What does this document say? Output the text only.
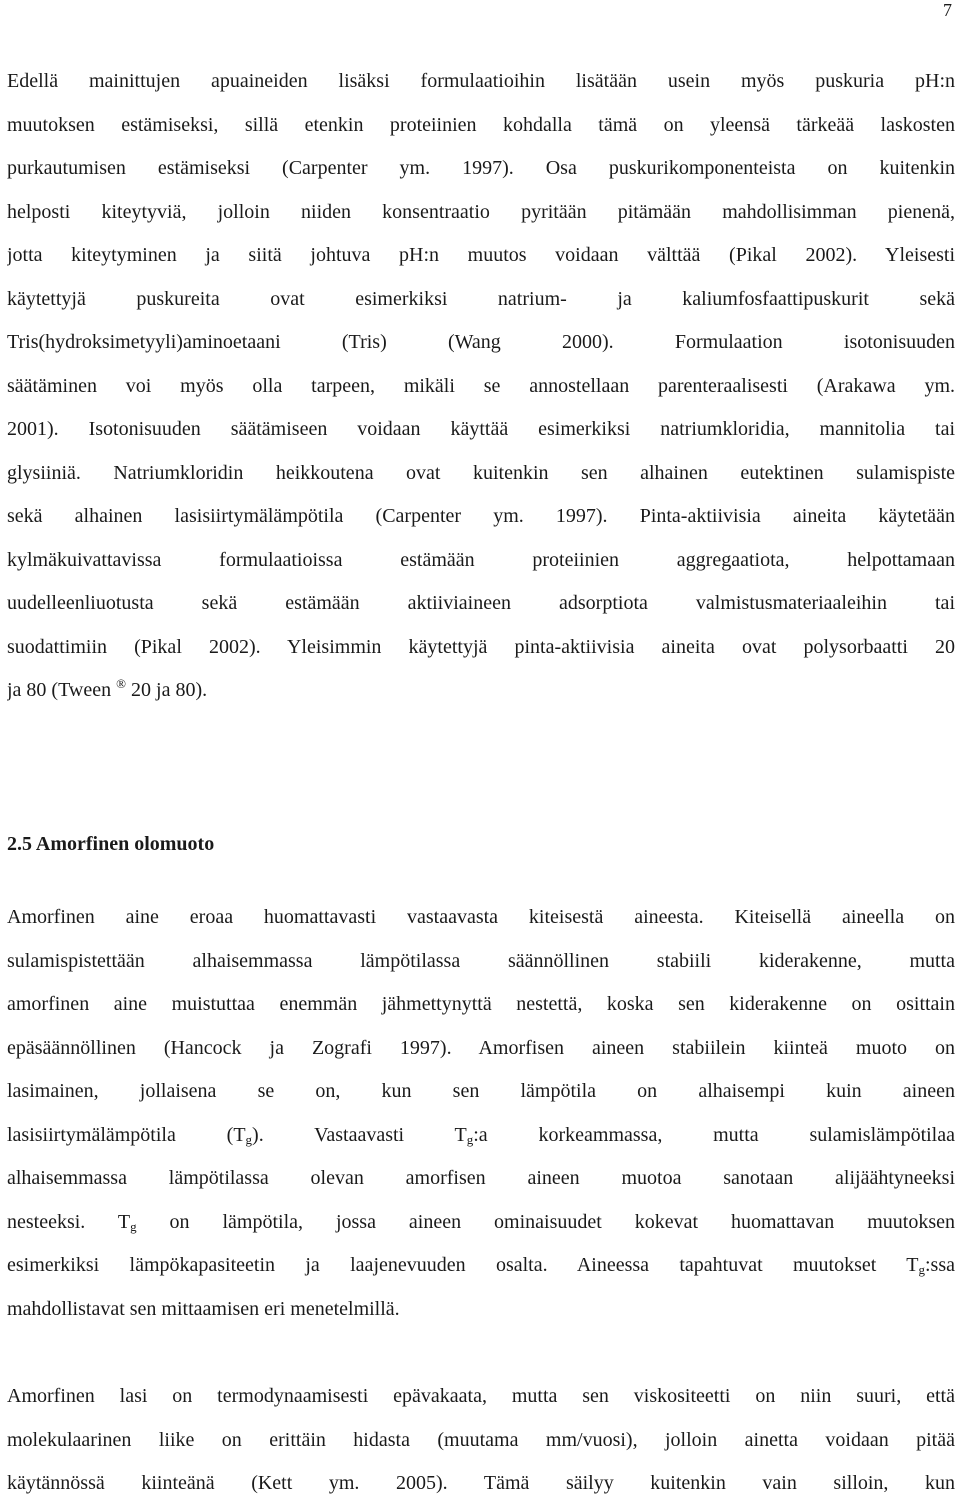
7
Edellä mainittujen apuaineiden lisäksi formulaatioihin lisätään usein myös puskuria pH:n
muutoksen estämiseksi, sillä etenkin proteiinien kohdalla tämä on yleensä tärkeää laskosten
purkautumisen estämiseksi (Carpenter ym. 1997). Osa puskurikomponenteista on kuitenkin
helposti kiteytyviä, jolloin niiden konsentraatio pyritään pitämään mahdollisimman pienenä,
jotta kiteytyminen ja siitä johtuva pH:n muutos voidaan välttää (Pikal 2002). Yleisesti
käytettyjä puskureita ovat esimerkiksi natrium- ja kaliumfosfaattipuskurit sekä
Tris(hydroksimetyyli)aminoetaani (Tris) (Wang 2000). Formulaation isotonisuuden
säätäminen voi myös olla tarpeen, mikäli se annostellaan parenteraalisesti (Arakawa ym.
2001). Isotonisuuden säätämiseen voidaan käyttää esimerkiksi natriumkloridia, mannitolia tai
glysiiniä. Natriumkloridin heikkoutena ovat kuitenkin sen alhainen eutektinen sulamispiste
sekä alhainen lasisiirtymälämpötila (Carpenter ym. 1997). Pinta-aktiivisia aineita käytetään
kylmäkuivattavissa formulaatioissa estämään proteiinien aggregaatiota, helpottamaan
uudelleenliuotusta sekä estämään aktiiviaineen adsorptiota valmistusmateriaaleihin tai
suodattimiin (Pikal 2002). Yleisimmin käytettyjä pinta-aktiivisia aineita ovat polysorbaatti 20
ja 80 (Tween ® 20 ja 80).
2.5 Amorfinen olomuoto
Amorfinen aine eroaa huomattavasti vastaavasta kiteisestä aineesta. Kiteisellä aineella on
sulamispistettään alhaisemmassa lämpötilassa säännöllinen stabiili kiderakenne, mutta
amorfinen aine muistuttaa enemmän jähmettynyttä nestettä, koska sen kiderakenne on osittain
epäsäännöllinen (Hancock ja Zografi 1997). Amorfisen aineen stabiilein kiinteä muoto on
lasimainen, jollaisena se on, kun sen lämpötila on alhaisempi kuin aineen
lasisiirtymälämpötila $(T_g)$. Vastaavasti $T_g:a$ korkeammassa, mutta sulamislämpötilaa
alhaisemmassa lämpötilassa olevan amorfisen aineen muotoa sanotaan alijäähtyneeksi
nesteeksi. $T_g$ on lämpötila, jossa aineen ominaisuudet kokevat huomattavan muutoksen
esimerkiksi lämpökapasiteetin ja laajenevuuden osalta. Aineessa tapahtuvat muutokset $T_g:ssa$
mahdollistavat sen mittaamisen eri menetelmillä.
Amorfinen lasi on termodynaamisesti epävakaata, mutta sen viskositeetti on niin suuri, että
molekulaarinen liike on erittäin hidasta (muutama mm/vuosi), jolloin ainetta voidaan pitää
käytännössä kiinteänä (Kett ym. 2005). Tämä säilyy kuitenkin vain silloin, kun
